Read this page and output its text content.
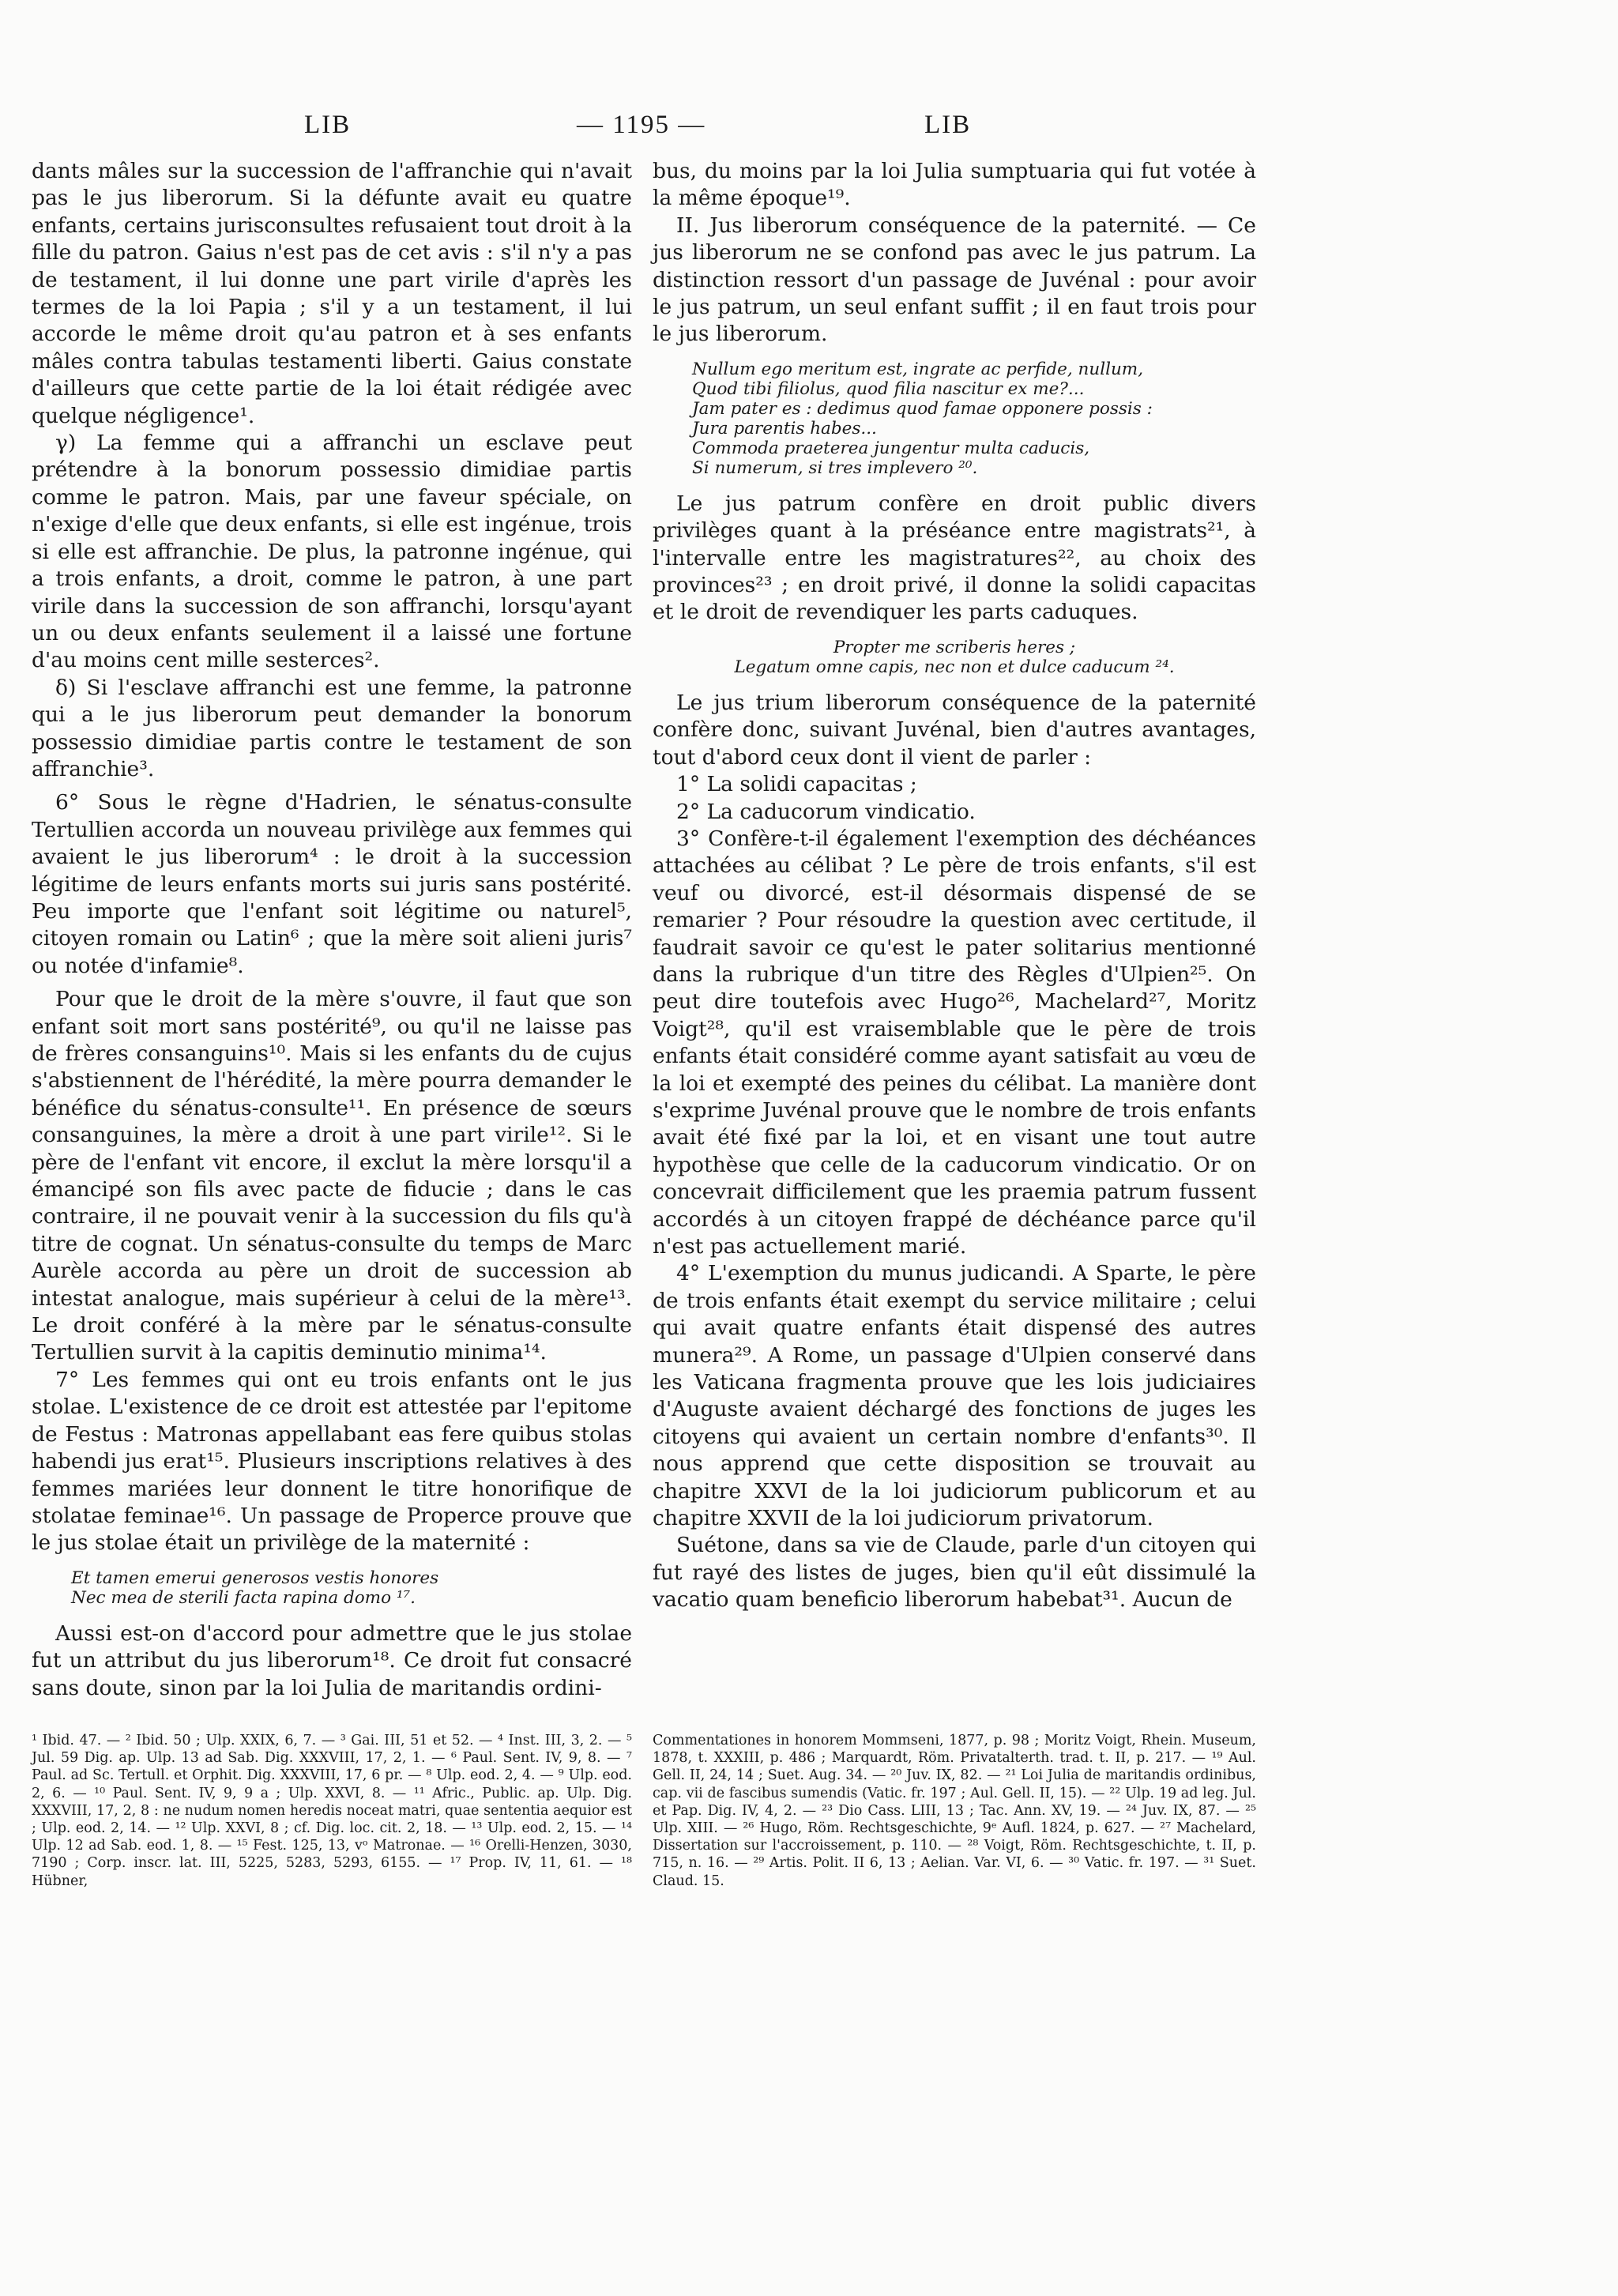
LIB	— 1195 —	LIB

dants mâles sur la succession de l'affranchie qui n'avait pas le jus liberorum. Si la défunte avait eu quatre enfants, certains jurisconsultes refusaient tout droit à la fille du patron. Gaius n'est pas de cet avis : s'il n'y a pas de testament, il lui donne une part virile d'après les termes de la loi Papia ; s'il y a un testament, il lui accorde le même droit qu'au patron et à ses enfants mâles contra tabulas testamenti liberti. Gaius constate d'ailleurs que cette partie de la loi était rédigée avec quelque négligence¹.

γ) La femme qui a affranchi un esclave peut prétendre à la bonorum possessio dimidiae partis comme le patron. Mais, par une faveur spéciale, on n'exige d'elle que deux enfants, si elle est ingénue, trois si elle est affranchie. De plus, la patronne ingénue, qui a trois enfants, a droit, comme le patron, à une part virile dans la succession de son affranchi, lorsqu'ayant un ou deux enfants seulement il a laissé une fortune d'au moins cent mille sesterces².

δ) Si l'esclave affranchi est une femme, la patronne qui a le jus liberorum peut demander la bonorum possessio dimidiae partis contre le testament de son affranchie³.

6° Sous le règne d'Hadrien, le sénatus-consulte Tertullien accorda un nouveau privilège aux femmes qui avaient le jus liberorum⁴ : le droit à la succession légitime de leurs enfants morts sui juris sans postérité. Peu importe que l'enfant soit légitime ou naturel⁵, citoyen romain ou Latin⁶ ; que la mère soit alieni juris⁷ ou notée d'infamie⁸.

Pour que le droit de la mère s'ouvre, il faut que son enfant soit mort sans postérité⁹, ou qu'il ne laisse pas de frères consanguins¹⁰. Mais si les enfants du de cujus s'abstiennent de l'hérédité, la mère pourra demander le bénéfice du sénatus-consulte¹¹. En présence de sœurs consanguines, la mère a droit à une part virile¹². Si le père de l'enfant vit encore, il exclut la mère lorsqu'il a émancipé son fils avec pacte de fiducie ; dans le cas contraire, il ne pouvait venir à la succession du fils qu'à titre de cognat. Un sénatus-consulte du temps de Marc Aurèle accorda au père un droit de succession ab intestat analogue, mais supérieur à celui de la mère¹³. Le droit conféré à la mère par le sénatus-consulte Tertullien survit à la capitis deminutio minima¹⁴.

7° Les femmes qui ont eu trois enfants ont le jus stolae. L'existence de ce droit est attestée par l'epitome de Festus : Matronas appellabant eas fere quibus stolas habendi jus erat¹⁵. Plusieurs inscriptions relatives à des femmes mariées leur donnent le titre honorifique de stolatae feminae¹⁶. Un passage de Properce prouve que le jus stolae était un privilège de la maternité :

Et tamen emerui generosos vestis honores
Nec mea de sterili facta rapina domo ¹⁷.

Aussi est-on d'accord pour admettre que le jus stolae fut un attribut du jus liberorum¹⁸. Ce droit fut consacré sans doute, sinon par la loi Julia de maritandis ordini-

bus, du moins par la loi Julia sumptuaria qui fut votée à la même époque¹⁹.

II. Jus liberorum conséquence de la paternité. — Ce jus liberorum ne se confond pas avec le jus patrum. La distinction ressort d'un passage de Juvénal : pour avoir le jus patrum, un seul enfant suffit ; il en faut trois pour le jus liberorum.

Nullum ego meritum est, ingrate ac perfide, nullum,
Quod tibi filiolus, quod filia nascitur ex me?...
Jam pater es : dedimus quod famae opponere possis :
Jura parentis habes...
Commoda praeterea jungentur multa caducis,
Si numerum, si tres implevero ²⁰.

Le jus patrum confère en droit public divers privilèges quant à la préséance entre magistrats²¹, à l'intervalle entre les magistratures²², au choix des provinces²³ ; en droit privé, il donne la solidi capacitas et le droit de revendiquer les parts caduques.

Propter me scriberis heres ;
Legatum omne capis, nec non et dulce caducum ²⁴.

Le jus trium liberorum conséquence de la paternité confère donc, suivant Juvénal, bien d'autres avantages, tout d'abord ceux dont il vient de parler :

1° La solidi capacitas ;

2° La caducorum vindicatio.

3° Confère-t-il également l'exemption des déchéances attachées au célibat ? Le père de trois enfants, s'il est veuf ou divorcé, est-il désormais dispensé de se remarier ? Pour résoudre la question avec certitude, il faudrait savoir ce qu'est le pater solitarius mentionné dans la rubrique d'un titre des Règles d'Ulpien²⁵. On peut dire toutefois avec Hugo²⁶, Machelard²⁷, Moritz Voigt²⁸, qu'il est vraisemblable que le père de trois enfants était considéré comme ayant satisfait au vœu de la loi et exempté des peines du célibat. La manière dont s'exprime Juvénal prouve que le nombre de trois enfants avait été fixé par la loi, et en visant une tout autre hypothèse que celle de la caducorum vindicatio. Or on concevrait difficilement que les praemia patrum fussent accordés à un citoyen frappé de déchéance parce qu'il n'est pas actuellement marié.

4° L'exemption du munus judicandi. A Sparte, le père de trois enfants était exempt du service militaire ; celui qui avait quatre enfants était dispensé des autres munera²⁹. A Rome, un passage d'Ulpien conservé dans les Vaticana fragmenta prouve que les lois judiciaires d'Auguste avaient déchargé des fonctions de juges les citoyens qui avaient un certain nombre d'enfants³⁰. Il nous apprend que cette disposition se trouvait au chapitre XXVI de la loi judiciorum publicorum et au chapitre XXVII de la loi judiciorum privatorum.

Suétone, dans sa vie de Claude, parle d'un citoyen qui fut rayé des listes de juges, bien qu'il eût dissimulé la vacatio quam beneficio liberorum habebat³¹. Aucun de

¹ Ibid. 47. — ² Ibid. 50 ; Ulp. XXIX, 6, 7. — ³ Gai. III, 51 et 52. — ⁴ Inst. III, 3, 2. — ⁵ Jul. 59 Dig. ap. Ulp. 13 ad Sab. Dig. XXXVIII, 17, 2, 1. — ⁶ Paul. Sent. IV, 9, 8. — ⁷ Paul. ad Sc. Tertull. et Orphit. Dig. XXXVIII, 17, 6 pr. — ⁸ Ulp. eod. 2, 4. — ⁹ Ulp. eod. 2, 6. — ¹⁰ Paul. Sent. IV, 9, 9 a ; Ulp. XXVI, 8. — ¹¹ Afric., Public. ap. Ulp. Dig. XXXVIII, 17, 2, 8 : ne nudum nomen heredis noceat matri, quae sententia aequior est ; Ulp. eod. 2, 14. — ¹² Ulp. XXVI, 8 ; cf. Dig. loc. cit. 2, 18. — ¹³ Ulp. eod. 2, 15. — ¹⁴ Ulp. 12 ad Sab. eod. 1, 8. — ¹⁵ Fest. 125, 13, vᵒ Matronae. — ¹⁶ Orelli-Henzen, 3030, 7190 ; Corp. inscr. lat. III, 5225, 5283, 5293, 6155. — ¹⁷ Prop. IV, 11, 61. — ¹⁸ Hübner,
Commentationes in honorem Mommseni, 1877, p. 98 ; Moritz Voigt, Rhein. Museum, 1878, t. XXXIII, p. 486 ; Marquardt, Röm. Privatalterth. trad. t. II, p. 217. — ¹⁹ Aul. Gell. II, 24, 14 ; Suet. Aug. 34. — ²⁰ Juv. IX, 82. — ²¹ Loi Julia de maritandis ordinibus, cap. vii de fascibus sumendis (Vatic. fr. 197 ; Aul. Gell. II, 15). — ²² Ulp. 19 ad leg. Jul. et Pap. Dig. IV, 4, 2. — ²³ Dio Cass. LIII, 13 ; Tac. Ann. XV, 19. — ²⁴ Juv. IX, 87. — ²⁵ Ulp. XIII. — ²⁶ Hugo, Röm. Rechtsgeschichte, 9ᵉ Aufl. 1824, p. 627. — ²⁷ Machelard, Dissertation sur l'accroissement, p. 110. — ²⁸ Voigt, Röm. Rechtsgeschichte, t. II, p. 715, n. 16. — ²⁹ Artis. Polit. II 6, 13 ; Aelian. Var. VI, 6. — ³⁰ Vatic. fr. 197. — ³¹ Suet. Claud. 15.
